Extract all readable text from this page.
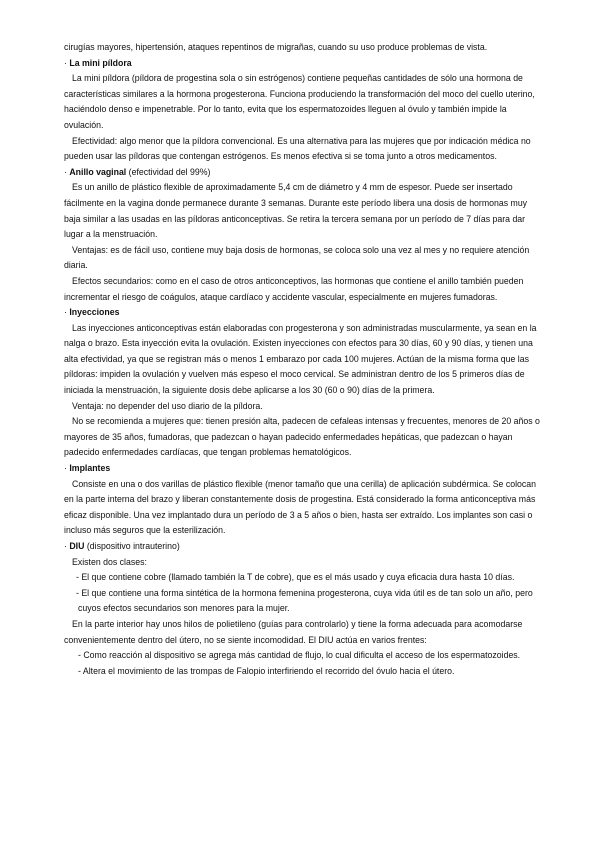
cirugías mayores, hipertensión, ataques repentinos de migrañas, cuando su uso produce problemas de vista.

· La mini píldora

La mini píldora (píldora de progestina sola o sin estrógenos) contiene pequeñas cantidades de sólo una hormona de características similares a la hormona progesterona. Funciona produciendo la transformación del moco del cuello uterino, haciéndolo denso e impenetrable. Por lo tanto, evita que los espermatozoides lleguen al óvulo y también impide la ovulación.

Efectividad: algo menor que la píldora convencional. Es una alternativa para las mujeres que por indicación médica no pueden usar las píldoras que contengan estrógenos. Es menos efectiva si se toma junto a otros medicamentos.

· Anillo vaginal (efectividad del 99%)

Es un anillo de plástico flexible de aproximadamente 5,4 cm de diámetro y 4 mm de espesor. Puede ser insertado fácilmente en la vagina donde permanece durante 3 semanas. Durante este período libera una dosis de hormonas muy baja similar a las usadas en las píldoras anticonceptivas. Se retira la tercera semana por un período de 7 días para dar lugar a la menstruación.

Ventajas: es de fácil uso, contiene muy baja dosis de hormonas, se coloca solo una vez al mes y no requiere atención diaria.

Efectos secundarios: como en el caso de otros anticonceptivos, las hormonas que contiene el anillo también pueden incrementar el riesgo de coágulos, ataque cardíaco y accidente vascular, especialmente en mujeres fumadoras.

· Inyecciones

Las inyecciones anticonceptivas están elaboradas con progesterona y son administradas muscularmente, ya sean en la nalga o brazo. Esta inyección evita la ovulación. Existen inyecciones con efectos para 30 días, 60 y 90 días, y tienen una alta efectividad, ya que se registran más o menos 1 embarazo por cada 100 mujeres. Actúan de la misma forma que las píldoras: impiden la ovulación y vuelven más espeso el moco cervical. Se administran dentro de los 5 primeros días de iniciada la menstruación, la siguiente dosis debe aplicarse a los 30 (60 o 90) días de la primera.

Ventaja: no depender del uso diario de la píldora.

No se recomienda a mujeres que: tienen presión alta, padecen de cefaleas intensas y frecuentes, menores de 20 años o mayores de 35 años, fumadoras, que padezcan o hayan padecido enfermedades hepáticas, que padezcan o hayan padecido enfermedades cardíacas, que tengan problemas hematológicos.

· Implantes

Consiste en una o dos varillas de plástico flexible (menor tamaño que una cerilla) de aplicación subdérmica. Se colocan en la parte interna del brazo y liberan constantemente dosis de progestina. Está considerado la forma anticonceptiva más eficaz disponible. Una vez implantado dura un período de 3 a 5 años o bien, hasta ser extraído. Los implantes son casi o incluso más seguros que la esterilización.

· DIU (dispositivo intrauterino)

Existen dos clases:

- El que contiene cobre (llamado también la T de cobre), que es el más usado y cuya eficacia dura hasta 10 días.

- El que contiene una forma sintética de la hormona femenina progesterona, cuya vida útil es de tan solo un año, pero cuyos efectos secundarios son menores para la mujer.

En la parte interior hay unos hilos de polietileno (guías para controlarlo) y tiene la forma adecuada para acomodarse convenientemente dentro del útero, no se siente incomodidad. El DIU actúa en varios frentes:

- Como reacción al dispositivo se agrega más cantidad de flujo, lo cual dificulta el acceso de los espermatozoides.

- Altera el movimiento de las trompas de Falopio interfiriendo el recorrido del óvulo hacia el útero.
